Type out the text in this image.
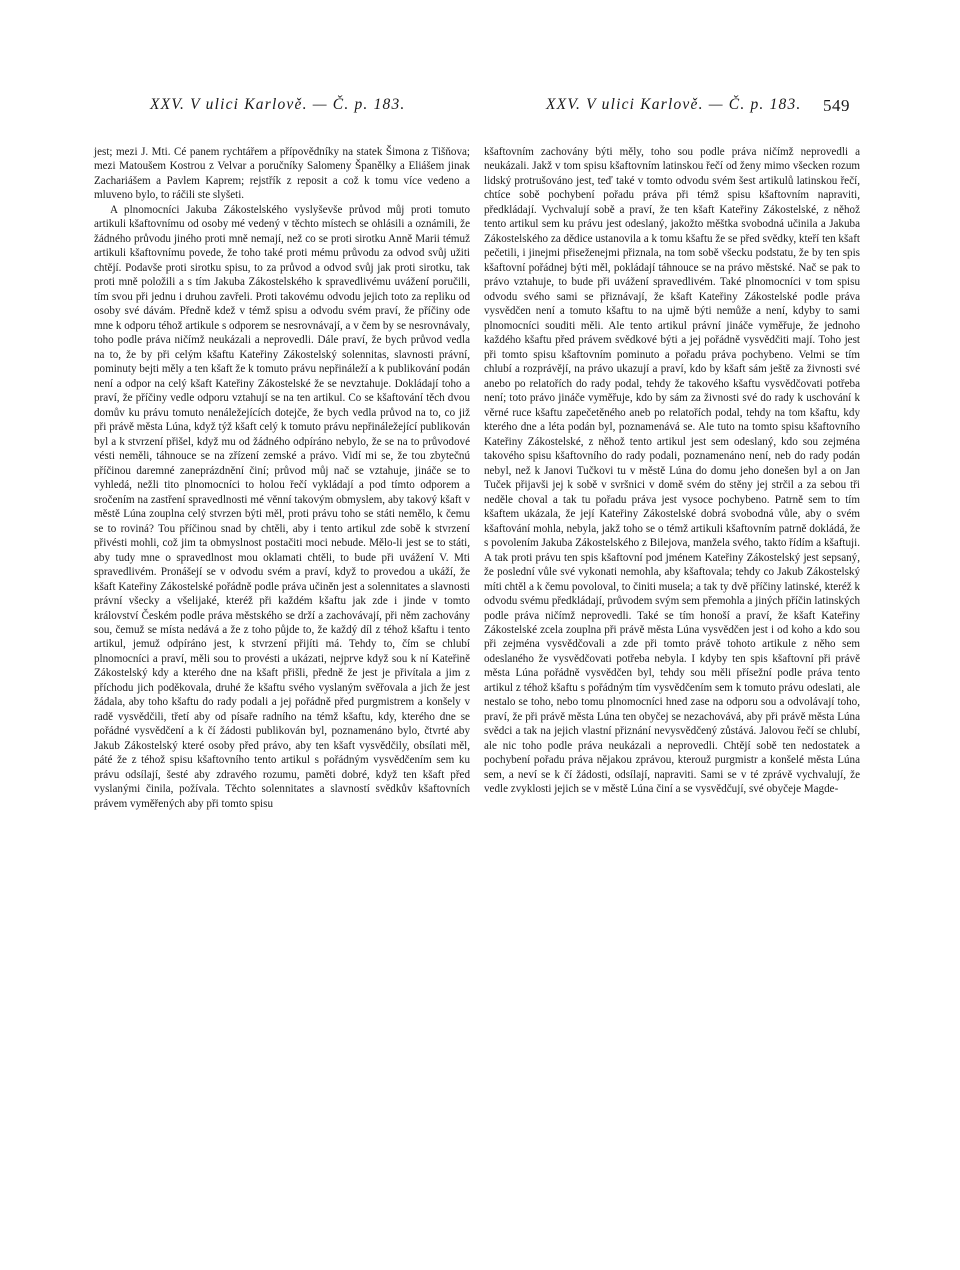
XXV. V ulici Karlově. — Č. p. 183.	XXV. V ulici Karlově. — Č. p. 183. 549

jest; mezi J. Mti. Cé panem rychtářem a přípovědníky na statek Šimona z Tišňova; mezi Matoušem Kostrou z Velvar a poručníky Salomeny Španělky a Eliášem jinak Zachariášem a Pavlem Kaprem; rejstřík z reposit a což k tomu více vedeno a mluveno bylo, to ráčili ste slyšeti.

A plnomocníci Jakuba Zákostelského vyslyševše průvod můj proti tomuto artikuli kšaftovnímu od osoby mé vedený v těchto místech se ohlásili a oznámili, že žádného průvodu jiného proti mně nemají, než co se proti sirotku Anně Marii témuž artikuli kšaftovnímu povede, že toho také proti mému průvodu za odvod svůj užiti chtějí. Podavše proti sirotku spisu, to za průvod a odvod svůj jak proti sirotku, tak proti mně položili a s tím Jakuba Zákostelského k spravedlivému uvážení poručili, tím svou při jednu i druhou zavřeli. Proti takovému odvodu jejich toto za repliku od osoby své dávám. Předně kdež v témž spisu a odvodu svém praví, že příčiny ode mne k odporu téhož artikule s odporem se nesrovnávají, a v čem by se nesrovnávaly, toho podle práva ničímž neukázali a neprovedli. Dále praví, že bych průvod vedla na to, že by při celým kšaftu Kateřiny Zákostelský solennitas, slavnosti právní, pominuty bejti měly a ten kšaft že k tomuto právu nepřináleží a k publikování podán není a odpor na celý kšaft Kateřiny Zákostelské že se nevztahuje. Dokládají toho a praví, že příčiny vedle odporu vztahují se na ten artikul. Co se kšaftování těch dvou domův ku právu tomuto nenáležejících dotejče, že bych vedla průvod na to, co již při právě města Lúna, když týž kšaft celý k tomuto právu nepřináležející publikován byl a k stvrzení přišel, když mu od žádného odpíráno nebylo, že se na to průvodové vésti neměli, táhnouce se na zřízení zemské a právo. Vidí mi se, že tou zbytečnú příčinou daremné zaneprázdnění činí; průvod můj nač se vztahuje, jináče se to vyhledá, nežli tito plnomocníci to holou řečí vykládají a pod tímto odporem a sročením na zastření spravedlnosti mé věnní takovým obmyslem, aby takový kšaft v městě Lúna zouplna celý stvrzen býti měl, proti právu toho se státi nemělo, k čemu se to roviná? Tou příčinou snad by chtěli, aby i tento artikul zde sobě k stvrzení přivésti mohli, což jim ta obmyslnost postačiti moci nebude. Mělo-li jest se to státi, aby tudy mne o spravedlnost mou oklamati chtěli, to bude při uvážení V. Mti spravedlivém. Pronášejí se v odvodu svém a praví, když to provedou a ukáží, že kšaft Kateřiny Zákostelské pořádně podle práva učiněn jest a solennitates a slavnosti právní všecky a všelijaké, kteréž při každém kšaftu jak zde i jinde v tomto království Českém podle práva městského se drží a zachovávají, při něm zachovány sou, čemuž se místa nedává a že z toho půjde to, že každý díl z téhož kšaftu i tento artikul, jemuž odpíráno jest, k stvrzení přijíti má. Tehdy to, čím se chlubí plnomocníci a praví, měli sou to provésti a ukázati, nejprve když sou k ní Kateřině Zákostelský kdy a kterého dne na kšaft přišli, předně že jest je přivítala a jim z příchodu jich poděkovala, druhé že kšaftu svého vyslaným svěřovala a jich že jest žádala, aby toho kšaftu do rady podali a jej pořádně před purgmistrem a konšely v radě vysvědčili, třetí aby od písaře radního na témž kšaftu, kdy, kterého dne se pořádné vysvědčení a k čí žádosti publikován byl, poznamenáno bylo, čtvrté aby Jakub Zákostelský které osoby před právo, aby ten kšaft vysvědčily, obsílati měl, páté že z téhož spisu kšaftovního tento artikul s pořádným vysvědčením sem ku právu odsílají, šesté aby zdravého rozumu, paměti dobré, když ten kšaft před vyslanými činila, požívala. Těchto solennitates a slavností svědkův kšaftovních právem vyměřených aby při tomto spisu

kšaftovním zachovány býti měly, toho sou podle práva ničímž neprovedli a neukázali. Jakž v tom spisu kšaftovním latinskou řečí od ženy mimo všecken rozum lidský protrušováno jest, teď také v tomto odvodu svém šest artikulů latinskou řečí, chtíce sobě pochybení pořadu práva při témž spisu kšaftovním napraviti, předkládají. Vychvalují sobě a praví, že ten kšaft Kateřiny Zákostelské, z něhož tento artikul sem ku právu jest odeslaný, jakožto měštka svobodná učinila a Jakuba Zákostelského za dědice ustanovila a k tomu kšaftu že se před svědky, kteří ten kšaft pečetili, i jinejmi přiseženejmi přiznala, na tom sobě všecku podstatu, že by ten spis kšaftovní pořádnej býti měl, pokládají táhnouce se na právo městské. Nač se pak to právo vztahuje, to bude při uvážení spravedlivém. Také plnomocníci v tom spisu odvodu svého sami se přiznávají, že kšaft Kateřiny Zákostelské podle práva vysvědčen není a tomuto kšaftu to na ujmě býti nemůže a není, kdyby to sami plnomocníci souditi měli. Ale tento artikul právní jináče vyměřuje, že jednoho každého kšaftu před právem svědkové býti a jej pořádně vysvědčiti mají. Toho jest při tomto spisu kšaftovním pominuto a pořadu práva pochybeno. Velmi se tím chlubí a rozprávějí, na právo ukazují a praví, kdo by kšaft sám ještě za živnosti své anebo po relatořích do rady podal, tehdy že takového kšaftu vysvědčovati potřeba není; toto právo jináče vyměřuje, kdo by sám za živnosti své do rady k uschování k věrné ruce kšaftu zapečetěného aneb po relatořích podal, tehdy na tom kšaftu, kdy kterého dne a léta podán byl, poznamenává se. Ale tuto na tomto spisu kšaftovního Kateřiny Zákostelské, z něhož tento artikul jest sem odeslaný, kdo sou zejména takového spisu kšaftovního do rady podali, poznamenáno není, neb do rady podán nebyl, než k Janovi Tučkovi tu v městě Lúna do domu jeho donešen byl a on Jan Tuček přijavši jej k sobě v svršnici v domě svém do stěny jej strčil a za sebou tři neděle choval a tak tu pořadu práva jest vysoce pochybeno. Patrně sem to tím kšaftem ukázala, že její Kateřiny Zákostelské dobrá svobodná vůle, aby o svém kšaftování mohla, nebyla, jakž toho se o témž artikuli kšaftovním patrně dokládá, že s povolením Jakuba Zákostelského z Bilejova, manžela svého, takto řídím a kšaftuji. A tak proti právu ten spis kšaftovní pod jménem Kateřiny Zákostelský jest sepsaný, že poslední vůle své vykonati nemohla, aby kšaftovala; tehdy co Jakub Zákostelský míti chtěl a k čemu povoloval, to činiti musela; a tak ty dvě příčiny latinské, kteréž k odvodu svému předkládají, průvodem svým sem přemohla a jiných příčin latinských podle práva ničímž neprovedli. Také se tím honoší a praví, že kšaft Kateřiny Zákostelské zcela zouplna při právě města Lúna vysvědčen jest i od koho a kdo sou při zejména vysvědčovali a zde při tomto právě tohoto artikule z něho sem odeslaného že vysvědčovati potřeba nebyla. I kdyby ten spis kšaftovní při právě města Lúna pořádně vysvědčen byl, tehdy sou měli přísežní podle práva tento artikul z téhož kšaftu s pořádným tím vysvědčením sem k tomuto právu odeslati, ale nestalo se toho, nebo tomu plnomocníci hned zase na odporu sou a odvolávají toho, praví, že při právě města Lúna ten obyčej se nezachovává, aby při právě města Lúna svědci a tak na jejich vlastní přiznání nevysvědčený zůstává. Jalovou řečí se chlubí, ale nic toho podle práva neukázali a neprovedli. Chtějí sobě ten nedostatek a pochybení pořadu práva nějakou zprávou, kterouž purgmistr a konšelé města Lúna sem, a neví se k čí žádosti, odsílají, napraviti. Sami se v té zprávě vychvalují, že vedle zvyklosti jejich se v městě Lúna činí a se vysvědčují, své obyčeje Magde-
